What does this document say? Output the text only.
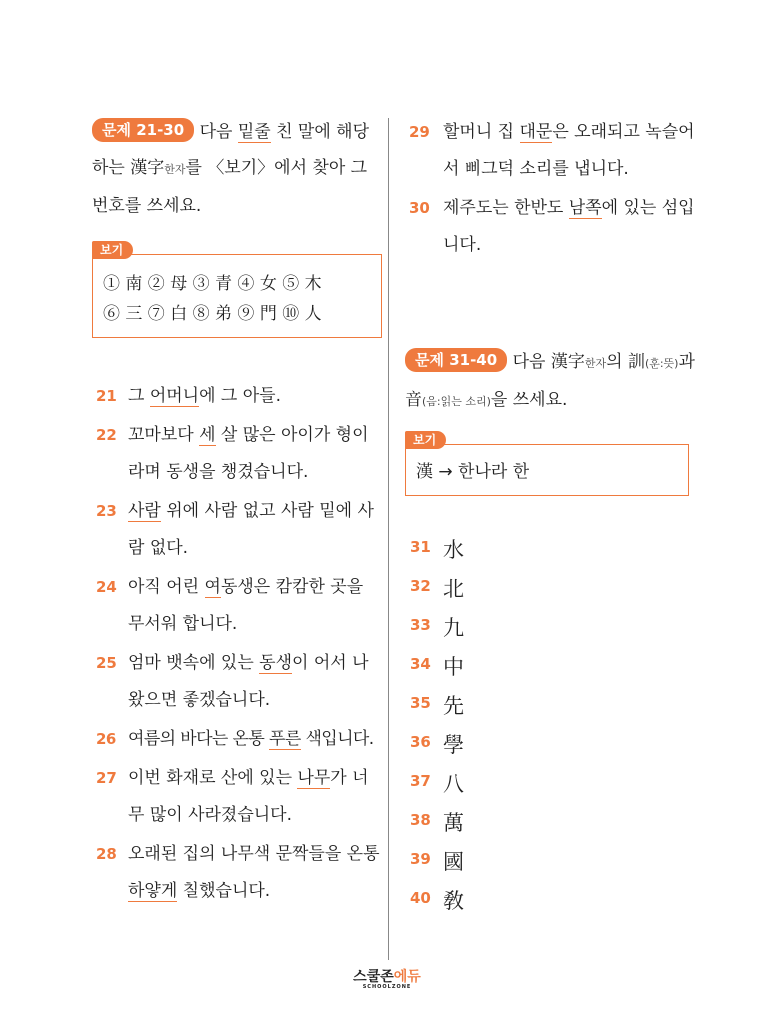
문제 21-30 다음 밑줄 친 말에 해당하는 漢字한자를 〈보기〉에서 찾아 그 번호를 쓰세요.
보기
① 南 ② 母 ③ 青 ④ 女 ⑤ 木
⑥ 三 ⑦ 白 ⑧ 弟 ⑨ 門 ⑩ 人
21 그 어머니에 그 아들.
22 꼬마보다 세 살 많은 아이가 형이라며 동생을 챙겼습니다.
23 사람 위에 사람 없고 사람 밑에 사람 없다.
24 아직 어린 여동생은 캄캄한 곳을 무서워 합니다.
25 엄마 뱃속에 있는 동생이 어서 나왔으면 좋겠습니다.
26 여름의 바다는 온통 푸른 색입니다.
27 이번 화재로 산에 있는 나무가 너무 많이 사라졌습니다.
28 오래된 집의 나무색 문짝들을 온통 하얗게 칠했습니다.
29 할머니 집 대문은 오래되고 녹슬어서 삐그덕 소리를 냅니다.
30 제주도는 한반도 남쪽에 있는 섬입니다.
문제 31-40 다음 漢字한자의 訓(훈:뜻)과 音(음:읽는 소리)을 쓰세요.
보기
漢 → 한나라 한
31 水
32 北
33 九
34 中
35 先
36 學
37 八
38 萬
39 國
40 敎
스쿨존에듀
SCHOOLZONE
